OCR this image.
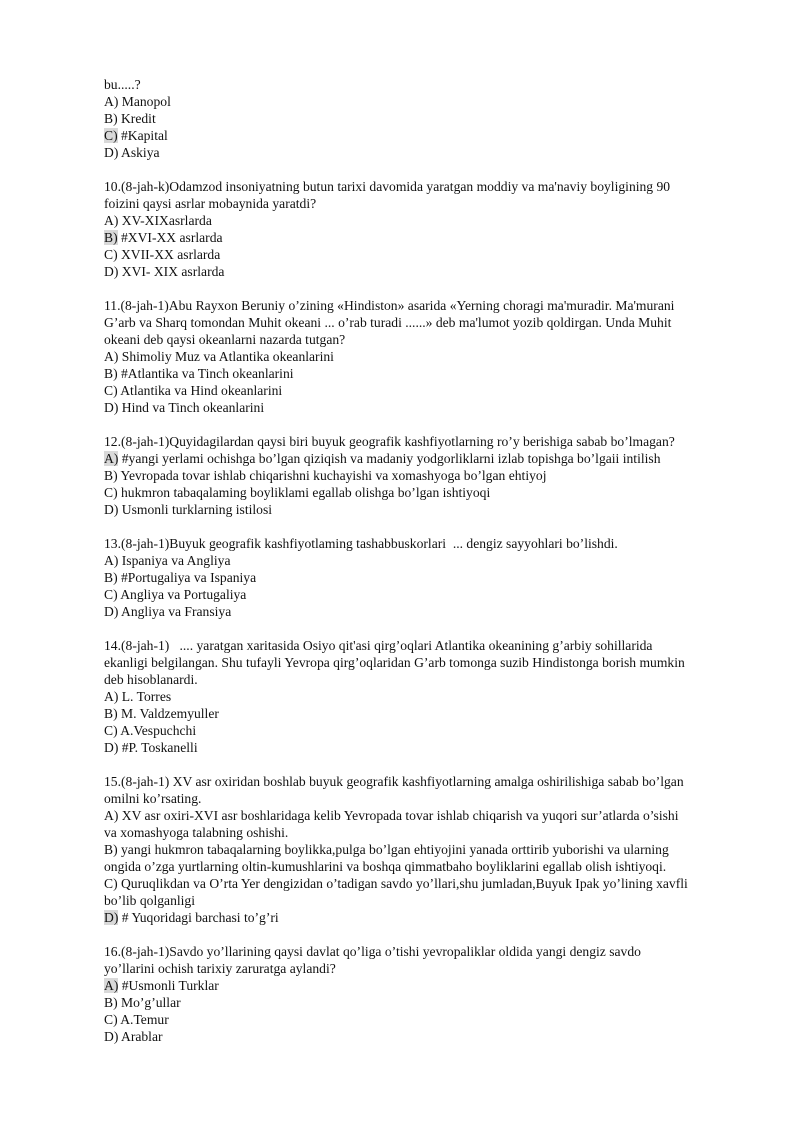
bu.....?
A) Manopol
B) Kredit
C) #Kapital
D) Askiya
10.(8-jah-k)Odamzod insoniyatning butun tarixi davomida yaratgan moddiy va ma'naviy boyligining 90
foizini qaysi asrlar mobaynida yaratdi?
A) XV-XIXasrlarda
B) #XVI-XX asrlarda
C) XVII-XX asrlarda
D) XVI- XIX asrlarda
11.(8-jah-1)Abu Rayxon Beruniy o’zining «Hindiston» asarida «Yerning choragi ma'muradir. Ma'murani
G’arb va Sharq tomondan Muhit okeani ... o’rab turadi ......» deb ma'lumot yozib qoldirgan. Unda Muhit
okeani deb qaysi okeanlarni nazarda tutgan?
A) Shimoliy Muz va Atlantika okeanlarini
B) #Atlantika va Tinch okeanlarini
C) Atlantika va Hind okeanlarini
D) Hind va Tinch okeanlarini
12.(8-jah-1)Quyidagilardan qaysi biri buyuk geografik kashfiyotlarning ro’y berishiga sabab bo’lmagan?
A) #yangi yerlami ochishga bo’lgan qiziqish va madaniy yodgorliklarni izlab topishga bo’lgaii intilish
B) Yevropada tovar ishlab chiqarishni kuchayishi va xomashyoga bo’lgan ehtiyoj
C) hukmron tabaqalaming boyliklami egallab olishga bo’lgan ishtiyoqi
D) Usmonli turklarning istilosi
13.(8-jah-1)Buyuk geografik kashfiyotlaming tashabbuskorlari  ... dengiz sayyohlari bo’lishdi.
A) Ispaniya va Angliya
B) #Portugaliya va Ispaniya
C) Angliya va Portugaliya
D) Angliya va Fransiya
14.(8-jah-1)   .... yaratgan xaritasida Osiyo qit'asi qirg’oqlari Atlantika okeanining g’arbiy sohillarida
ekanligi belgilangan. Shu tufayli Yevropa qirg’oqlaridan G’arb tomonga suzib Hindistonga borish mumkin
deb hisoblanardi.
A) L. Torres
B) M. Valdzemyuller
C) A.Vespuchchi
D) #P. Toskanelli
15.(8-jah-1) XV asr oxiridan boshlab buyuk geografik kashfiyotlarning amalga oshirilishiga sabab bo’lgan
omilni ko’rsating.
A) XV asr oxiri-XVI asr boshlaridaga kelib Yevropada tovar ishlab chiqarish va yuqori sur’atlarda o’sishi
va xomashyoga talabning oshishi.
B) yangi hukmron tabaqalarning boylikka,pulga bo’lgan ehtiyojini yanada orttirib yuborishi va ularning
ongida o’zga yurtlarning oltin-kumushlarini va boshqa qimmatbaho boyliklarini egallab olish ishtiyoqi.
C) Quruqlikdan va O’rta Yer dengizidan o’tadigan savdo yo’llari,shu jumladan,Buyuk Ipak yo’lining xavfli
bo’lib qolganligi
D) # Yuqoridagi barchasi to’g’ri
16.(8-jah-1)Savdo yo’llarining qaysi davlat qo’liga o’tishi yevropaliklar oldida yangi dengiz savdo
yo’llarini ochish tarixiy zaruratga aylandi?
A) #Usmonli Turklar
B) Mo’g’ullar
C) A.Temur
D) Arablar
